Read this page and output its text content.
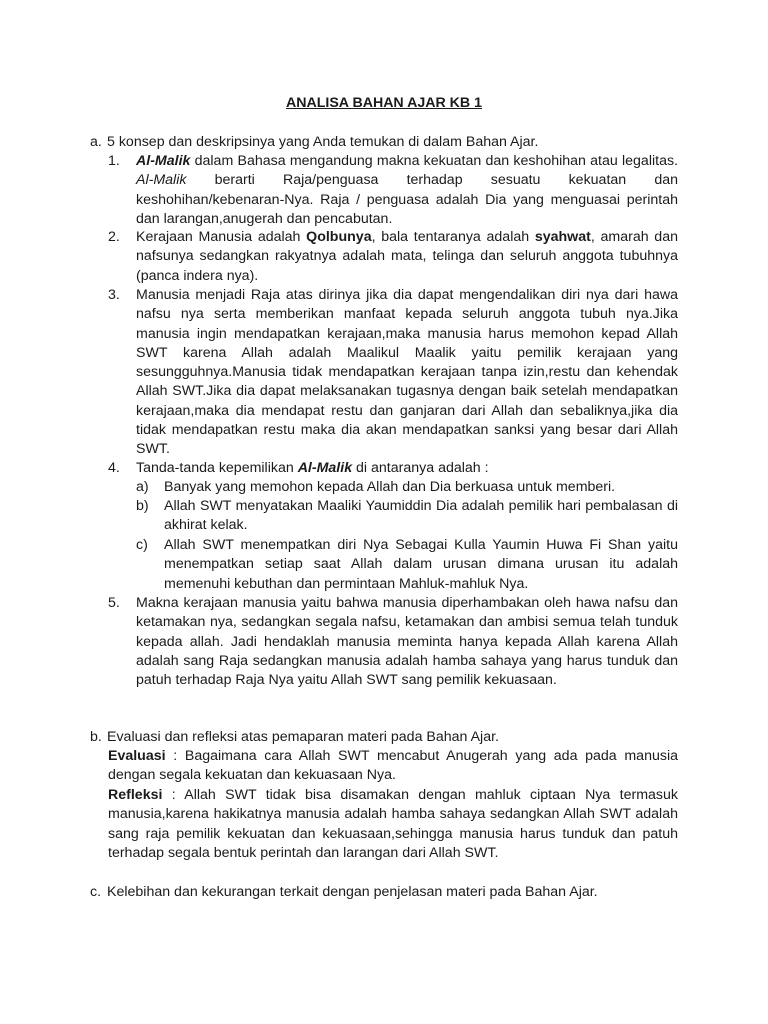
ANALISA BAHAN AJAR KB 1
a. 5 konsep dan deskripsinya yang Anda temukan di dalam Bahan Ajar.
1. Al-Malik dalam Bahasa mengandung makna kekuatan dan keshohihan atau legalitas. Al-Malik berarti Raja/penguasa terhadap sesuatu kekuatan dan keshohihan/kebenaran-Nya. Raja / penguasa adalah Dia yang menguasai perintah dan larangan,anugerah dan pencabutan.
2. Kerajaan Manusia adalah Qolbunya, bala tentaranya adalah syahwat, amarah dan nafsunya sedangkan rakyatnya adalah mata, telinga dan seluruh anggota tubuhnya (panca indera nya).
3. Manusia menjadi Raja atas dirinya jika dia dapat mengendalikan diri nya dari hawa nafsu nya serta memberikan manfaat kepada seluruh anggota tubuh nya.Jika manusia ingin mendapatkan kerajaan,maka manusia harus memohon kepad Allah SWT karena Allah adalah Maalikul Maalik yaitu pemilik kerajaan yang sesungguhnya.Manusia tidak mendapatkan kerajaan tanpa izin,restu dan kehendak Allah SWT.Jika dia dapat melaksanakan tugasnya dengan baik setelah mendapatkan kerajaan,maka dia mendapat restu dan ganjaran dari Allah dan sebaliknya,jika dia tidak mendapatkan restu maka dia akan mendapatkan sanksi yang besar dari Allah SWT.
4. Tanda-tanda kepemilikan Al-Malik di antaranya adalah :
a) Banyak yang memohon kepada Allah dan Dia berkuasa untuk memberi.
b) Allah SWT menyatakan Maaliki Yaumiddin Dia adalah pemilik hari pembalasan di akhirat kelak.
c) Allah SWT menempatkan diri Nya Sebagai Kulla Yaumin Huwa Fi Shan yaitu menempatkan setiap saat Allah dalam urusan dimana urusan itu adalah memenuhi kebuthan dan permintaan Mahluk-mahluk Nya.
5. Makna kerajaan manusia yaitu bahwa manusia diperhambakan oleh hawa nafsu dan      ketamakan nya, sedangkan segala nafsu, ketamakan dan ambisi semua telah tunduk kepada allah. Jadi hendaklah manusia meminta hanya kepada Allah karena Allah adalah sang Raja sedangkan manusia adalah hamba sahaya yang harus tunduk dan patuh terhadap Raja Nya yaitu Allah SWT sang pemilik kekuasaan.
b. Evaluasi dan refleksi atas pemaparan materi pada Bahan Ajar.
Evaluasi : Bagaimana cara Allah SWT mencabut Anugerah yang ada pada manusia dengan segala kekuatan dan kekuasaan Nya.
Refleksi : Allah SWT tidak bisa disamakan dengan mahluk ciptaan Nya termasuk manusia,karena hakikatnya manusia adalah hamba sahaya sedangkan Allah SWT adalah sang raja pemilik kekuatan dan kekuasaan,sehingga manusia harus tunduk dan patuh terhadap segala bentuk perintah dan larangan dari Allah SWT.
c. Kelebihan dan kekurangan terkait dengan penjelasan materi pada Bahan Ajar.
